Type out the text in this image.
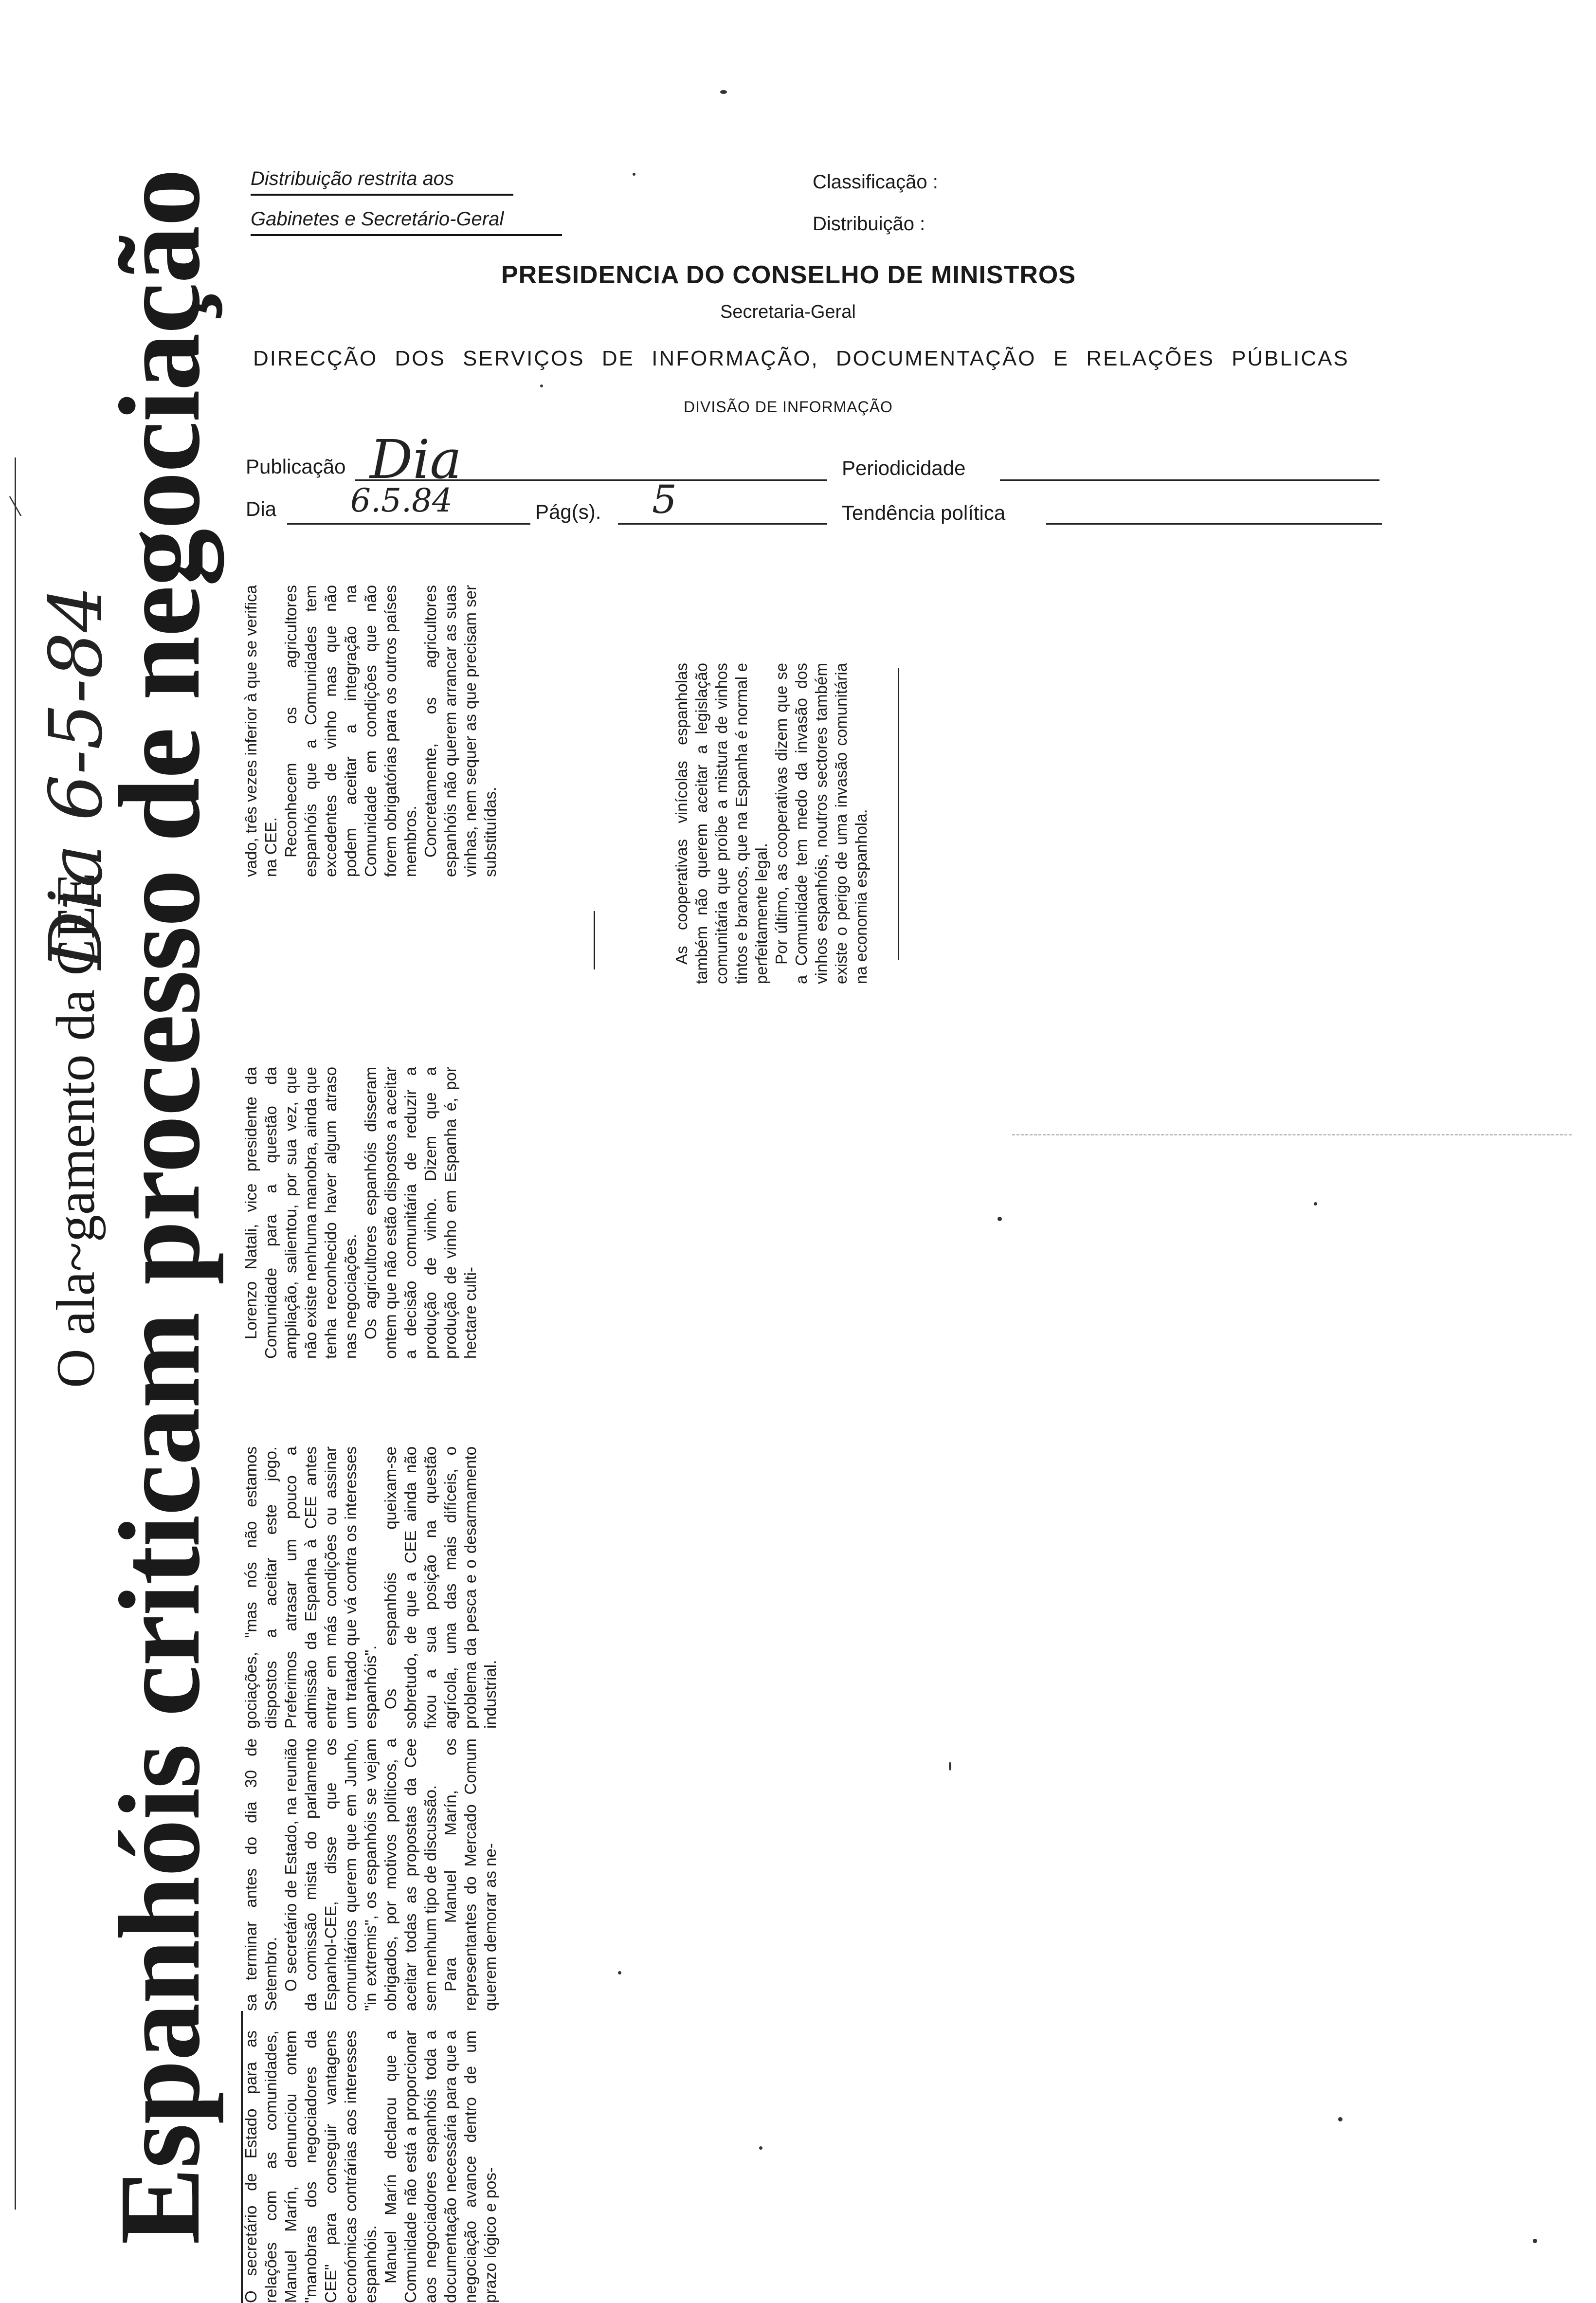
Distribuição restrita aos
Gabinetes e Secretário-Geral
Classificação :
Distribuição :
PRESIDENCIA DO CONSELHO DE MINISTROS
Secretaria-Geral
DIRECÇÃO DOS SERVIÇOS DE INFORMAÇÃO, DOCUMENTAÇÃO E RELAÇÕES PÚBLICAS
DIVISÃO DE INFORMAÇÃO
Publicação Dia	Periodicidade
Dia 6.5.84	Pág(s). 5	Tendência política
O ala~gamento da CEE
Dia 6-5-84
Espanhóis criticam processo de negociação O secretário de Estado para as relações com as comunidades, Manuel Marín, denunciou ontem "manobras dos negociadores da CEE" para conseguir vantagens económicas contrárias aos interesses espanhóis. Manuel Marín declarou que a Comunidade não está a proporcionar aos negociadores espanhóis toda a documentação necessária para que a negociação avance dentro de um prazo lógico e pos-

sa terminar antes do dia 30 de Setembro. O secretário de Estado, na reunião da comissão mista do parlamento Espanhol-CEE, disse que os comunitários querem que em Junho, "in extremis", os espanhóis se vejam obrigados, por motivos políticos, a aceitar todas as propostas da Cee sem nenhum tipo de discussão. Para Manuel Marín, os representantes do Mercado Comum querem demorar as ne-

gociações, "mas nós não estamos dispostos a aceitar este jogo. Preferimos atrasar um pouco a admissão da Espanha à CEE antes entrar em más condições ou assinar um tratado que vá contra os interesses espanhóis". Os espanhóis queixam-se sobretudo, de que a CEE ainda não fixou a sua posição na questão agrícola, uma das mais difíceis, o problema da pesca e o desarmamento industrial.

Lorenzo Natali, vice presidente da Comunidade para a questão da ampliação, salientou, por sua vez, que não existe nenhuma manobra, ainda que tenha reconhecido haver algum atraso nas negociações. Os agricultores espanhóis disseram ontem que não estão dispostos a aceitar a decisão comunitária de reduzir a produção de vinho. Dizem que a produção de vinho em Espanha é, por hectare culti-

vado, três vezes inferior à que se verifica na CEE. Reconhecem os agricultores espanhóis que a Comunidades tem excedentes de vinho mas que não podem aceitar a integração na Comunidade em condições que não forem obrigatórias para os outros países membros. Concretamente, os agricultores espanhóis não querem arrancar as suas vinhas, nem sequer as que precisam ser substituídas.	As cooperativas vinícolas espanholas também não querem aceitar a legislação comunitária que proíbe a mistura de vinhos tintos e brancos, que na Espanha é normal e perfeitamente legal. Por último, as cooperativas dizem que se a Comunidade tem medo da invasão dos vinhos espanhóis, noutros sectores também existe o perigo de uma invasão comunitária na economia espanhola.
